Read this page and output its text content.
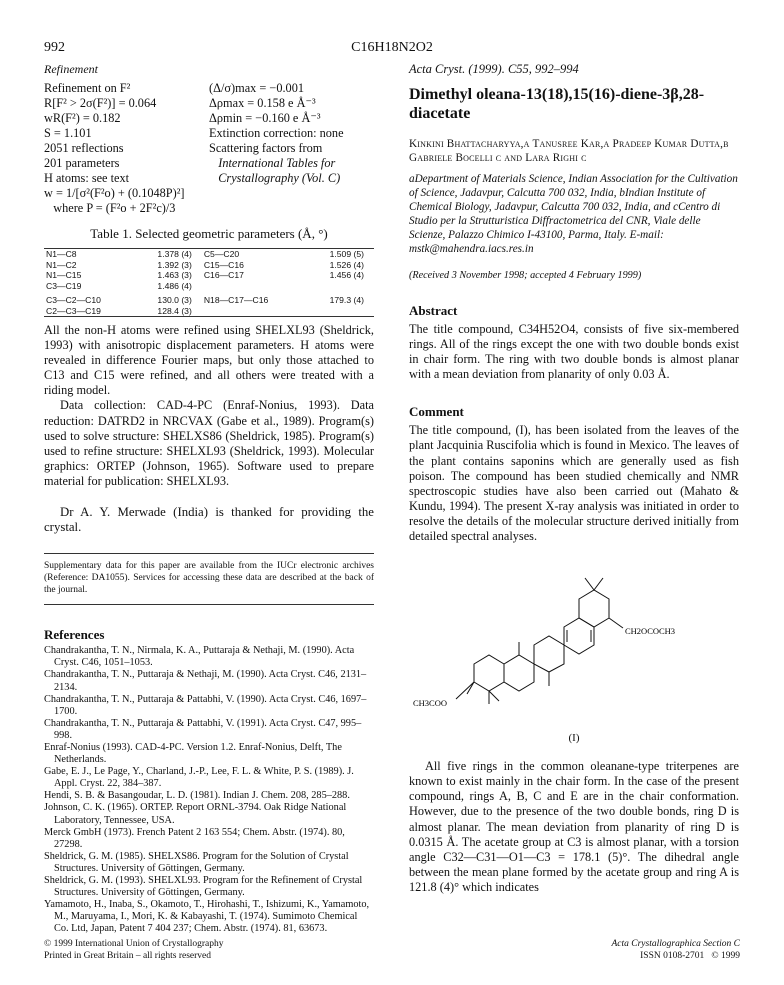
992	C16H18N2O2
Refinement
Refinement on F²
R[F² > 2σ(F²)] = 0.064
wR(F²) = 0.182
S = 1.101
2051 reflections
201 parameters
H atoms: see text
w = 1/[σ²(F²o) + (0.1048P)²]
where P = (F²o + 2F²c)/3
(Δ/σ)max = −0.001
Δρmax = 0.158 e Å⁻³
Δρmin = −0.160 e Å⁻³
Extinction correction: none
Scattering factors from
International Tables for
Crystallography (Vol. C)
Table 1. Selected geometric parameters (Å, °)
N1—C8	1.378 (4)	C5—C20	1.509 (5)
N1—C2	1.392 (3)	C15—C16	1.526 (4)
N1—C15	1.463 (3)	C16—C17	1.456 (4)
C3—C19	1.486 (4)		
C3—C2—C10	130.0 (3)	N18—C17—C16	179.3 (4)
C2—C3—C19	128.4 (3)		
All the non-H atoms were refined using SHELXL93 (Sheldrick, 1993) with anisotropic displacement parameters. H atoms were revealed in difference Fourier maps, but only those attached to C13 and C15 were refined, and all others were treated with a riding model.
Data collection: CAD-4-PC (Enraf-Nonius, 1993). Data reduction: DATRD2 in NRCVAX (Gabe et al., 1989). Program(s) used to solve structure: SHELXS86 (Sheldrick, 1985). Program(s) used to refine structure: SHELXL93 (Sheldrick, 1993). Molecular graphics: ORTEP (Johnson, 1965). Software used to prepare material for publication: SHELXL93.
Dr A. Y. Merwade (India) is thanked for providing the crystal.
Supplementary data for this paper are available from the IUCr electronic archives (Reference: DA1055). Services for accessing these data are described at the back of the journal.
References
Chandrakantha, T. N., Nirmala, K. A., Puttaraja & Nethaji, M. (1990). Acta Cryst. C46, 1051–1053.
Chandrakantha, T. N., Puttaraja & Nethaji, M. (1990). Acta Cryst. C46, 2131–2134.
Chandrakantha, T. N., Puttaraja & Pattabhi, V. (1990). Acta Cryst. C46, 1697–1700.
Chandrakantha, T. N., Puttaraja & Pattabhi, V. (1991). Acta Cryst. C47, 995–998.
Enraf-Nonius (1993). CAD-4-PC. Version 1.2. Enraf-Nonius, Delft, The Netherlands.
Gabe, E. J., Le Page, Y., Charland, J.-P., Lee, F. L. & White, P. S. (1989). J. Appl. Cryst. 22, 384–387.
Hendi, S. B. & Basangoudar, L. D. (1981). Indian J. Chem. 208, 285–288.
Johnson, C. K. (1965). ORTEP. Report ORNL-3794. Oak Ridge National Laboratory, Tennessee, USA.
Merck GmbH (1973). French Patent 2 163 554; Chem. Abstr. (1974). 80, 27298.
Sheldrick, G. M. (1985). SHELXS86. Program for the Solution of Crystal Structures. University of Göttingen, Germany.
Sheldrick, G. M. (1993). SHELXL93. Program for the Refinement of Crystal Structures. University of Göttingen, Germany.
Yamamoto, H., Inaba, S., Okamoto, T., Hirohashi, T., Ishizumi, K., Yamamoto, M., Maruyama, I., Mori, K. & Kabayashi, T. (1974). Sumimoto Chemical Co. Ltd, Japan, Patent 7 404 237; Chem. Abstr. (1974). 81, 63673.
© 1999 International Union of Crystallography
Printed in Great Britain – all rights reserved
Acta Cryst. (1999). C55, 992–994
Dimethyl oleana-13(18),15(16)-diene-3β,28-diacetate
Kinkini Bhattacharyya,a Tanusree Kar,a Pradeep Kumar Dutta,b Gabriele Bocelli c and Lara Righi c
aDepartment of Materials Science, Indian Association for the Cultivation of Science, Jadavpur, Calcutta 700 032, India, bIndian Institute of Chemical Biology, Jadavpur, Calcutta 700 032, India, and cCentro di Studio per la Strutturistica Diffractometrica del CNR, Viale delle Scienze, Palazzo Chimico I-43100, Parma, Italy. E-mail: mstk@mahendra.iacs.res.in
(Received 3 November 1998; accepted 4 February 1999)
Abstract
The title compound, C34H52O4, consists of five six-membered rings. All of the rings except the one with two double bonds exist in chair form. The ring with two double bonds is almost planar with a mean deviation from planarity of only 0.03 Å.
Comment
The title compound, (I), has been isolated from the leaves of the plant Jacquinia Ruscifolia which is found in Mexico. The leaves of the plant contains saponins which are generally used as fish poison. The compound has been studied chemically and NMR spectroscopic studies have also been carried out (Mahato & Kundu, 1994). The present X-ray analysis was initiated in order to resolve the details of the molecular structure derived initially from detailed spectral analyses.
CH2OCOCH3
CH3COO
(I)
All five rings in the common oleanane-type triterpenes are known to exist mainly in the chair form. In the case of the present compound, rings A, B, C and E are in the chair conformation. However, due to the presence of the two double bonds, ring D is almost planar. The mean deviation from planarity of ring D is 0.0315 Å. The acetate group at C3 is almost planar, with a torsion angle C32—C31—O1—C3 = 178.1 (5)°. The dihedral angle between the mean plane formed by the acetate group and ring A is 121.8 (4)° which indicates
Acta Crystallographica Section C
ISSN 0108-2701   © 1999
